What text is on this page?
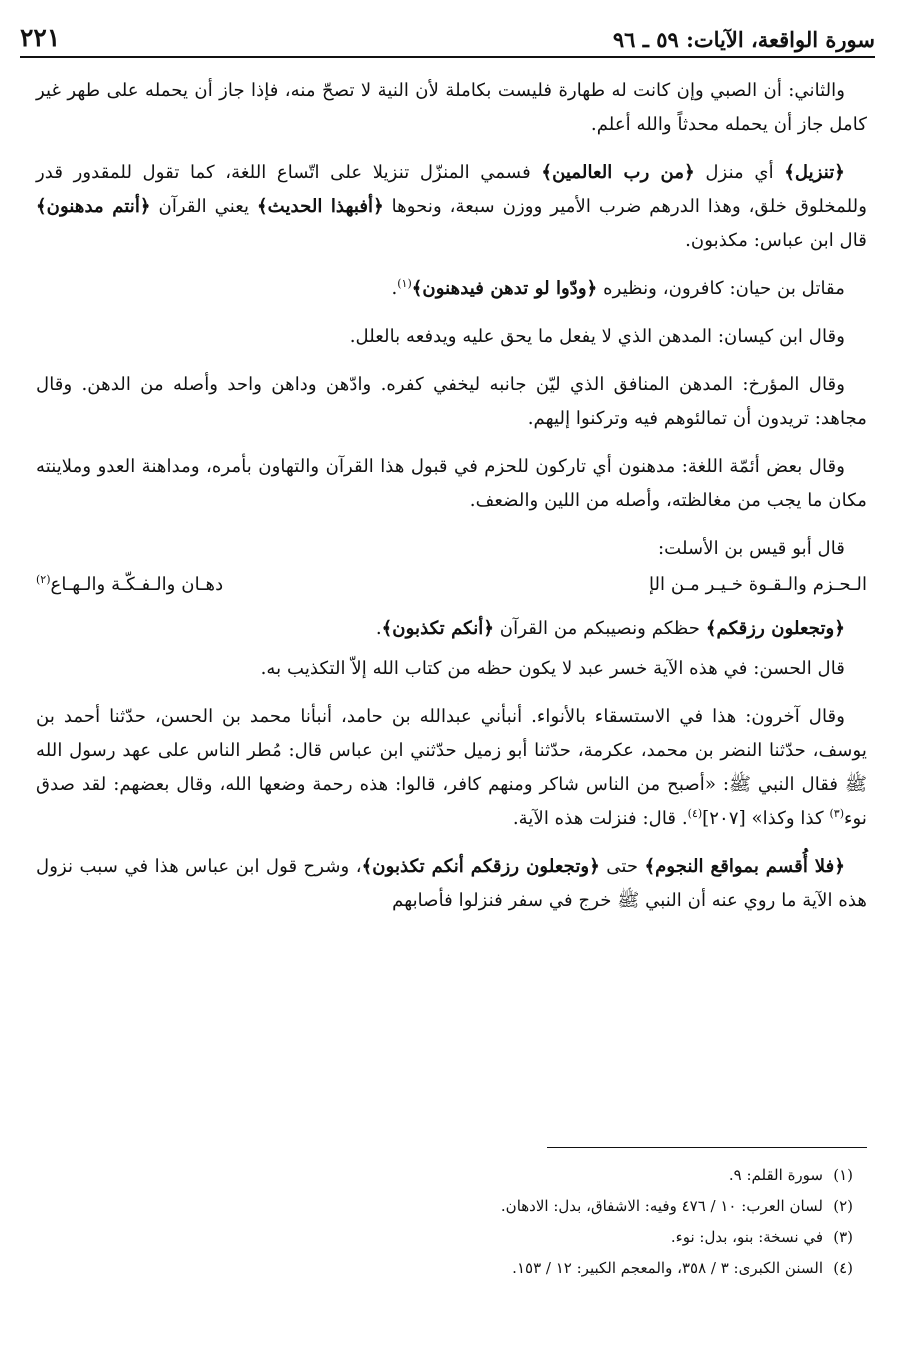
سورة الواقعة، الآيات: ٥٩ ـ ٩٦
٢٢١

والثاني: أن الصبي وإن كانت له طهارة فليست بكاملة لأن النية لا تصحّ منه، فإذا جاز أن يحمله على طهر غير كامل جاز أن يحمله محدثاً والله أعلم.

﴿تنزيل﴾ أي منزل ﴿من رب العالمين﴾ فسمي المنزّل تنزيلا على اتّساع اللغة، كما تقول للمقدور قدر وللمخلوق خلق، وهذا الدرهم ضرب الأمير ووزن سبعة، ونحوها ﴿أفبهذا الحديث﴾ يعني القرآن ﴿أنتم مدهنون﴾ قال ابن عباس: مكذبون.

مقاتل بن حيان: كافرون، ونظيره ﴿ودّوا لو تدهن فيدهنون﴾$^{(١)}$.

وقال ابن كيسان: المدهن الذي لا يفعل ما يحق عليه ويدفعه بالعلل.

وقال المؤرخ: المدهن المنافق الذي ليّن جانبه ليخفي كفره. وادّهن وداهن واحد وأصله من الدهن. وقال مجاهد: تريدون أن تمالئوهم فيه وتركنوا إليهم.

وقال بعض أئمّة اللغة: مدهنون أي تاركون للحزم في قبول هذا القرآن والتهاون بأمره، ومداهنة العدو وملاينته مكان ما يجب من مغالظته، وأصله من اللين والضعف.

قال أبو قيس بن الأسلت:

الـحـزم والـقـوة خـيـر مـن الإ
دهـان والـفـكّـة والـهـاع$^{(٢)}$

﴿وتجعلون رزقكم﴾ حظكم ونصيبكم من القرآن ﴿أنكم تكذبون﴾.

قال الحسن: في هذه الآية خسر عبد لا يكون حظه من كتاب الله إلاّ التكذيب به.

وقال آخرون: هذا في الاستسقاء بالأنواء. أنبأني عبدالله بن حامد، أنبأنا محمد بن الحسن، حدّثنا أحمد بن يوسف، حدّثنا النضر بن محمد، عكرمة، حدّثنا أبو زميل حدّثني ابن عباس قال: مُطر الناس على عهد رسول الله ﷺ فقال النبي ﷺ: «أصبح من الناس شاكر ومنهم كافر، قالوا: هذه رحمة وضعها الله، وقال بعضهم: لقد صدق نوء$^{(٣)}$ كذا وكذا» [٢٠٧]$^{(٤)}$. قال: فنزلت هذه الآية.

﴿فلا أُقسم بمواقع النجوم﴾ حتى ﴿وتجعلون رزقكم أنكم تكذبون﴾، وشرح قول ابن عباس هذا في سبب نزول هذه الآية ما روي عنه أن النبي ﷺ خرج في سفر فنزلوا فأصابهم

(١)
سورة القلم: ٩.
(٢)
لسان العرب: ١٠ / ٤٧٦ وفيه: الاشفاق، بدل: الادهان.
(٣)
في نسخة: بنو، بدل: نوء.
(٤)
السنن الكبرى: ٣ / ٣٥٨، والمعجم الكبير: ١٢ / ١٥٣.
